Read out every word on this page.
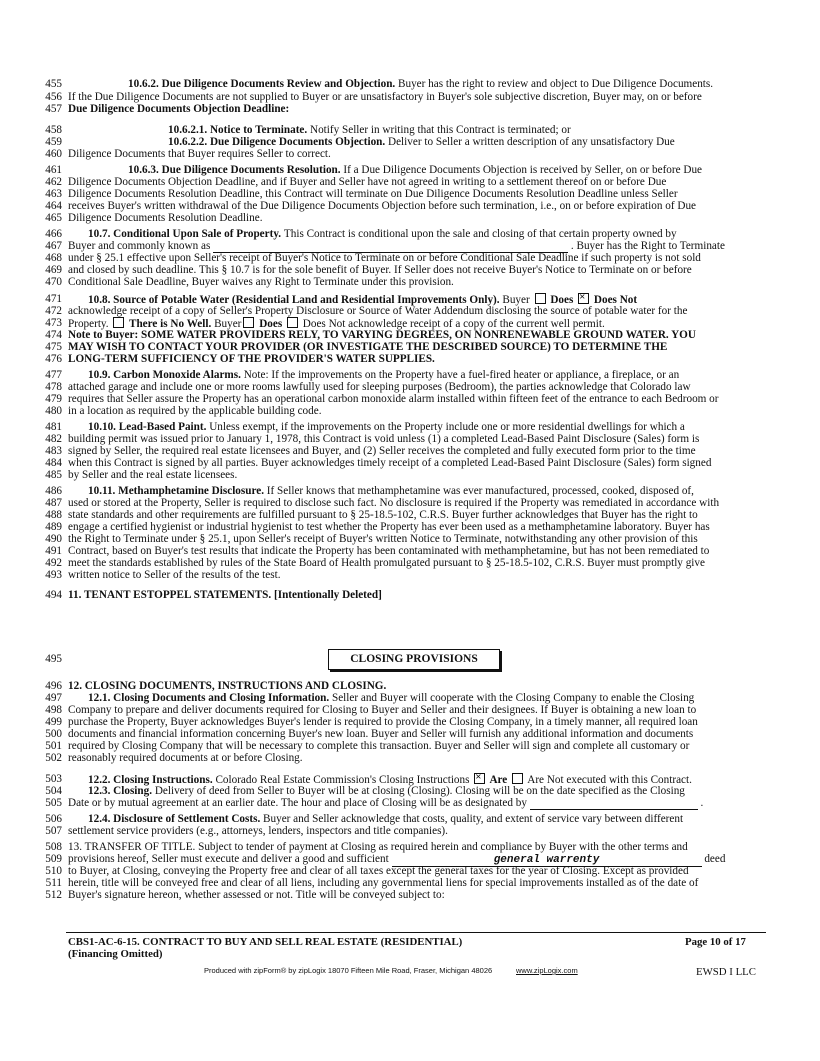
455	10.6.2. Due Diligence Documents Review and Objection. Buyer has the right to review and object to Due Diligence Documents.
456 If the Due Diligence Documents are not supplied to Buyer or are unsatisfactory in Buyer's sole subjective discretion, Buyer may, on or before
457 Due Diligence Documents Objection Deadline:
458	10.6.2.1. Notice to Terminate. Notify Seller in writing that this Contract is terminated; or
459	10.6.2.2. Due Diligence Documents Objection. Deliver to Seller a written description of any unsatisfactory Due
460 Diligence Documents that Buyer requires Seller to correct.
461	10.6.3. Due Diligence Documents Resolution. If a Due Diligence Documents Objection is received by Seller, on or before Due
462 Diligence Documents Objection Deadline, and if Buyer and Seller have not agreed in writing to a settlement thereof on or before Due
463 Diligence Documents Resolution Deadline, this Contract will terminate on Due Diligence Documents Resolution Deadline unless Seller
464 receives Buyer's written withdrawal of the Due Diligence Documents Objection before such termination, i.e., on or before expiration of Due
465 Diligence Documents Resolution Deadline.
466 10.7. Conditional Upon Sale of Property. This Contract is conditional upon the sale and closing of that certain property owned by
467 Buyer and commonly known as	. Buyer has the Right to Terminate
468 under § 25.1 effective upon Seller's receipt of Buyer's Notice to Terminate on or before Conditional Sale Deadline if such property is not sold
469 and closed by such deadline. This § 10.7 is for the sole benefit of Buyer. If Seller does not receive Buyer's Notice to Terminate on or before
470 Conditional Sale Deadline, Buyer waives any Right to Terminate under this provision.
471 10.8. Source of Potable Water (Residential Land and Residential Improvements Only). Buyer  Does × Does Not
472 acknowledge receipt of a copy of Seller's Property Disclosure or Source of Water Addendum disclosing the source of potable water for the
473 Property.  There is No Well. Buyer Does  Does Not acknowledge receipt of a copy of the current well permit.
474 Note to Buyer: SOME WATER PROVIDERS RELY, TO VARYING DEGREES, ON NONRENEWABLE GROUND WATER. YOU
475 MAY WISH TO CONTACT YOUR PROVIDER (OR INVESTIGATE THE DESCRIBED SOURCE) TO DETERMINE THE
476 LONG-TERM SUFFICIENCY OF THE PROVIDER'S WATER SUPPLIES.
477 10.9. Carbon Monoxide Alarms. Note: If the improvements on the Property have a fuel-fired heater or appliance, a fireplace, or an
478 attached garage and include one or more rooms lawfully used for sleeping purposes (Bedroom), the parties acknowledge that Colorado law
479 requires that Seller assure the Property has an operational carbon monoxide alarm installed within fifteen feet of the entrance to each Bedroom or
480 in a location as required by the applicable building code.
481 10.10. Lead-Based Paint. Unless exempt, if the improvements on the Property include one or more residential dwellings for which a
482 building permit was issued prior to January 1, 1978, this Contract is void unless (1) a completed Lead-Based Paint Disclosure (Sales) form is
483 signed by Seller, the required real estate licensees and Buyer, and (2) Seller receives the completed and fully executed form prior to the time
484 when this Contract is signed by all parties. Buyer acknowledges timely receipt of a completed Lead-Based Paint Disclosure (Sales) form signed
485 by Seller and the real estate licensees.
486 10.11. Methamphetamine Disclosure. If Seller knows that methamphetamine was ever manufactured, processed, cooked, disposed of,
487 used or stored at the Property, Seller is required to disclose such fact. No disclosure is required if the Property was remediated in accordance with
488 state standards and other requirements are fulfilled pursuant to § 25-18.5-102, C.R.S. Buyer further acknowledges that Buyer has the right to
489 engage a certified hygienist or industrial hygienist to test whether the Property has ever been used as a methamphetamine laboratory. Buyer has
490 the Right to Terminate under § 25.1, upon Seller's receipt of Buyer's written Notice to Terminate, notwithstanding any other provision of this
491 Contract, based on Buyer's test results that indicate the Property has been contaminated with methamphetamine, but has not been remediated to
492 meet the standards established by rules of the State Board of Health promulgated pursuant to § 25-18.5-102, C.R.S. Buyer must promptly give
493 written notice to Seller of the results of the test.
494 11. TENANT ESTOPPEL STATEMENTS. [Intentionally Deleted]
495	CLOSING PROVISIONS
496 12. CLOSING DOCUMENTS, INSTRUCTIONS AND CLOSING.
497 12.1. Closing Documents and Closing Information. Seller and Buyer will cooperate with the Closing Company to enable the Closing
498 Company to prepare and deliver documents required for Closing to Buyer and Seller and their designees. If Buyer is obtaining a new loan to
499 purchase the Property, Buyer acknowledges Buyer's lender is required to provide the Closing Company, in a timely manner, all required loan
500 documents and financial information concerning Buyer's new loan. Buyer and Seller will furnish any additional information and documents
501 required by Closing Company that will be necessary to complete this transaction. Buyer and Seller will sign and complete all customary or
502 reasonably required documents at or before Closing.
503 12.2. Closing Instructions. Colorado Real Estate Commission's Closing Instructions × Are  Are Not executed with this Contract.
504 12.3. Closing. Delivery of deed from Seller to Buyer will be at closing (Closing). Closing will be on the date specified as the Closing
505 Date or by mutual agreement at an earlier date. The hour and place of Closing will be as designated by	.
506 12.4. Disclosure of Settlement Costs. Buyer and Seller acknowledge that costs, quality, and extent of service vary between different
507 settlement service providers (e.g., attorneys, lenders, inspectors and title companies).
508 13. TRANSFER OF TITLE. Subject to tender of payment at Closing as required herein and compliance by Buyer with the other terms and
509 provisions hereof, Seller must execute and deliver a good and sufficient	general warrenty	deed
510 to Buyer, at Closing, conveying the Property free and clear of all taxes except the general taxes for the year of Closing. Except as provided
511 herein, title will be conveyed free and clear of all liens, including any governmental liens for special improvements installed as of the date of
512 Buyer's signature hereon, whether assessed or not. Title will be conveyed subject to:
CBS1-AC-6-15. CONTRACT TO BUY AND SELL REAL ESTATE (RESIDENTIAL)
(Financing Omitted)
Page 10 of 17
Produced with zipForm® by zipLogix 18070 Fifteen Mile Road, Fraser, Michigan 48026	www.zipLogix.com	EWSD I LLC
